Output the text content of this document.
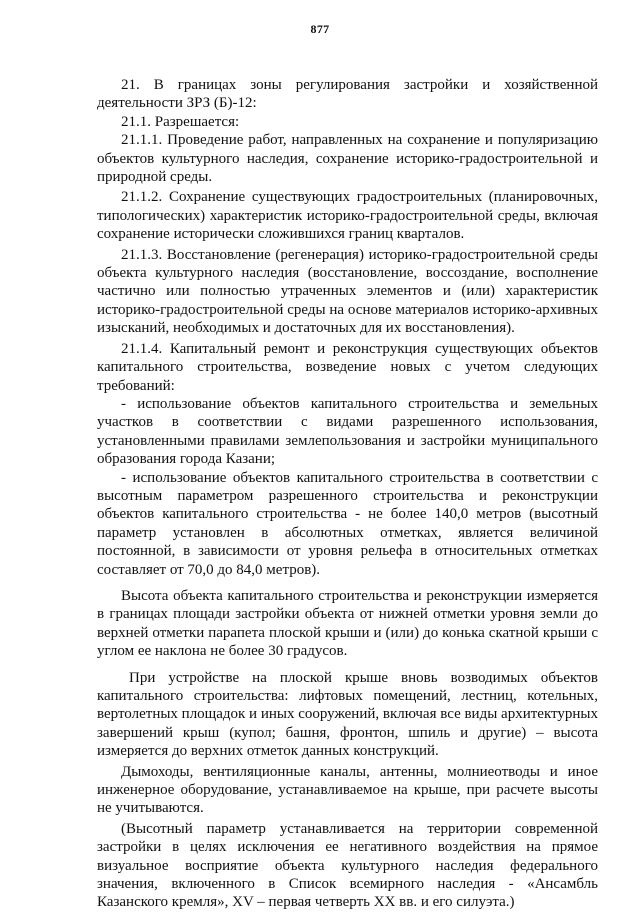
877

21. В границах зоны регулирования застройки и хозяйственной деятельности ЗРЗ (Б)-12:

21.1. Разрешается:

21.1.1. Проведение работ, направленных на сохранение и популяризацию объектов культурного наследия, сохранение историко-градостроительной и природной среды.

21.1.2. Сохранение существующих градостроительных (планировочных, типологических) характеристик историко-градостроительной среды, включая сохранение исторически сложившихся границ кварталов.

21.1.3. Восстановление (регенерация) историко-градостроительной среды объекта культурного наследия (восстановление, воссоздание, восполнение частично или полностью утраченных элементов и (или) характеристик историко-градостроительной среды на основе материалов историко-архивных изысканий, необходимых и достаточных для их восстановления).

21.1.4. Капитальный ремонт и реконструкция существующих объектов капитального строительства, возведение новых с учетом следующих требований:

- использование объектов капитального строительства и земельных участков в соответствии с видами разрешенного использования, установленными правилами землепользования и застройки муниципального образования города Казани;

- использование объектов капитального строительства в соответствии с высотным параметром разрешенного строительства и реконструкции объектов капитального строительства - не более 140,0 метров (высотный параметр установлен в абсолютных отметках, является величиной постоянной, в зависимости от уровня рельефа в относительных отметках составляет от 70,0 до 84,0 метров).

Высота объекта капитального строительства и реконструкции измеряется в границах площади застройки объекта от нижней отметки уровня земли до верхней отметки парапета плоской крыши и (или) до конька скатной крыши с углом ее наклона не более 30 градусов.

При устройстве на плоской крыше вновь возводимых объектов капитального строительства: лифтовых помещений, лестниц, котельных, вертолетных площадок и иных сооружений, включая все виды архитектурных завершений крыш (купол; башня, фронтон, шпиль и другие) – высота измеряется до верхних отметок данных конструкций.

Дымоходы, вентиляционные каналы, антенны, молниеотводы и иное инженерное оборудование, устанавливаемое на крыше, при расчете высоты не учитываются.

(Высотный параметр устанавливается на территории современной застройки в целях исключения ее негативного воздействия на прямое визуальное восприятие объекта культурного наследия федерального значения, включенного в Список всемирного наследия - «Ансамбль Казанского кремля», XV – первая четверть XX вв. и его силуэта.)
